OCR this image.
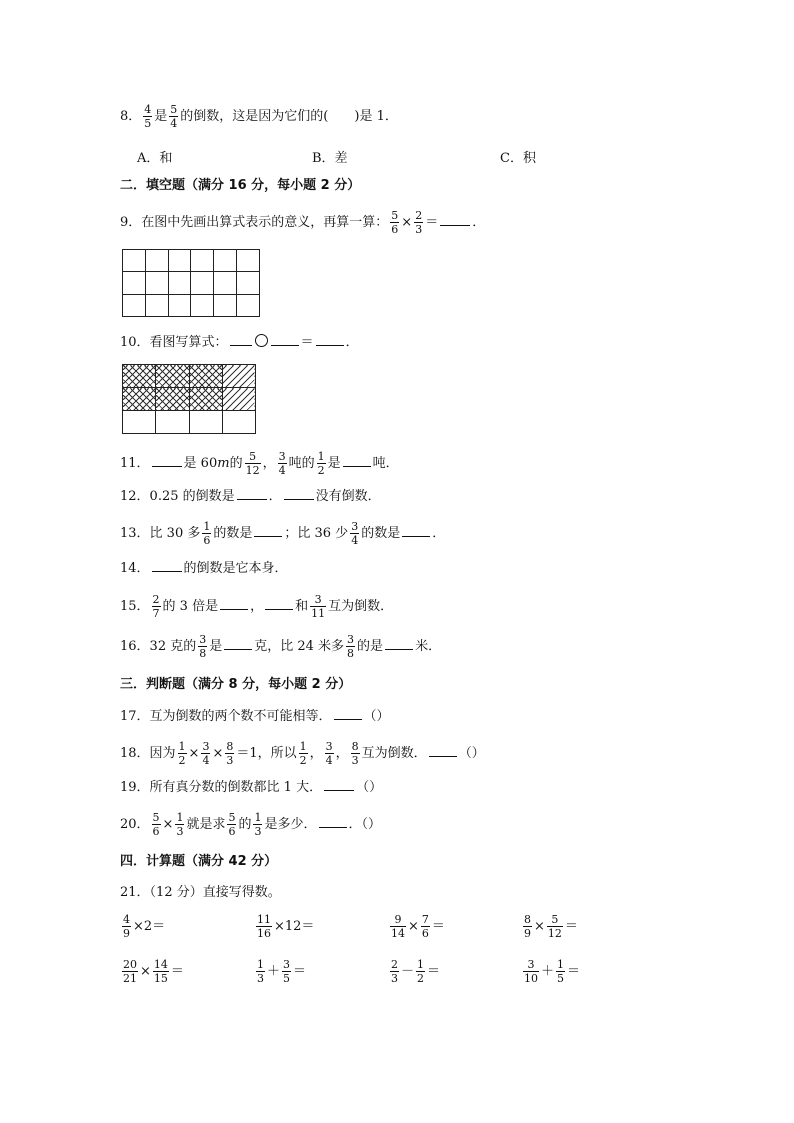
8． $\frac{4}{5}$ 是 $\frac{5}{4}$ 的倒数，这是因为它们的(　　)是 1．
A．和	B．差	C．积
二．填空题（满分 16 分，每小题 2 分）
9．在图中先画出算式表示的意义，再算一算： $\frac{5}{6} \times \frac{2}{3}$ ＝	．

10．看图写算式：	＝ ．

11．	是 60m的 $\frac{5}{12}$ ， $\frac{3}{4}$ 吨的 $\frac{1}{2}$ 是 吨．
12．0.25 的倒数是	．	没有倒数．
13．比 30 多 $\frac{1}{6}$ 的数是 ；比 36 少 $\frac{3}{4}$ 的数是 ．
14．	的倒数是它本身．
15． $\frac{2}{7}$ 的 3 倍是 ， 和 $\frac{3}{11}$ 互为倒数．
16．32 克的 $\frac{3}{8}$ 是 克，比 24 米多 $\frac{3}{8}$ 的是 米．
三．判断题（满分 8 分，每小题 2 分）
17．互为倒数的两个数不可能相等． （）
18．因为 $\frac{1}{2} \times \frac{3}{4} \times \frac{8}{3} =1$，所以 $\frac{1}{2}$ ， $\frac{3}{4}$ ， $\frac{8}{3}$ 互为倒数． （）
19．所有真分数的倒数都比 1 大．	（）
20． $\frac{5}{6} \times \frac{1}{3}$ 就是求 $\frac{5}{6}$ 的 $\frac{1}{3}$ 是多少． ．（）
四．计算题（满分 42 分）
21．（12 分）直接写得数。
$\frac{4}{9} \times 2=$	$\frac{11}{16} \times 12=$	$\frac{9}{14} \times \frac{7}{6}$ ＝	$\frac{8}{9} \times \frac{5}{12}$ ＝
$\frac{20}{21} \times \frac{14}{15}$ ＝	$\frac{1}{3} + \frac{3}{5}$ ＝	$\frac{2}{3} - \frac{1}{2}$ ＝	$\frac{3}{10} + \frac{1}{5}$ ＝
